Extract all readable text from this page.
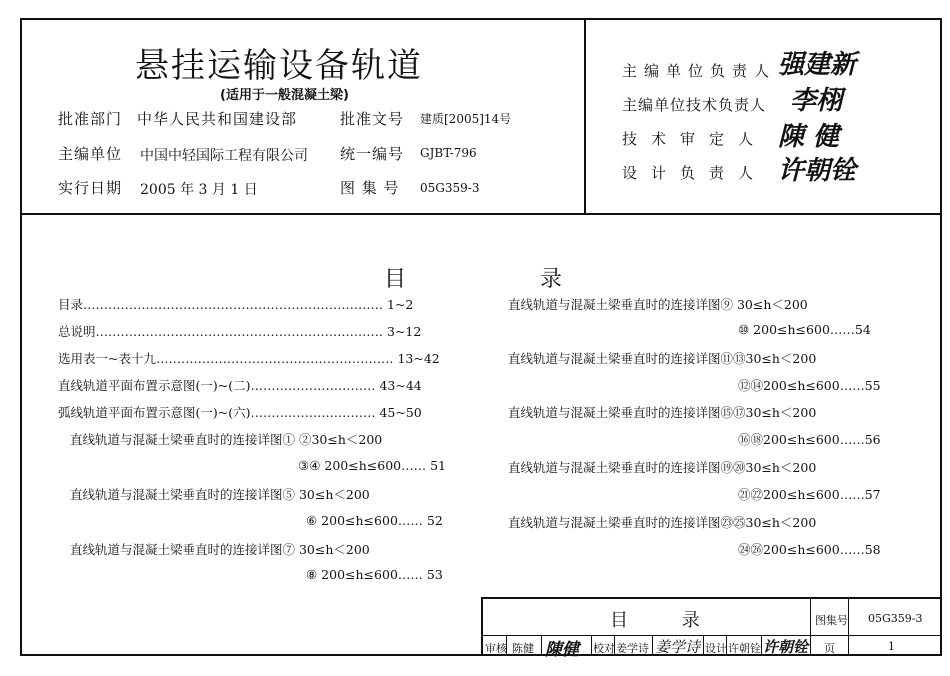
悬挂运输设备轨道
(适用于一般混凝土梁)
批准部门 中华人民共和国建设部	批准文号 建质[2005]14号
主编单位 中国中轻国际工程有限公司 统一编号 GJBT-796
实行日期 2005 年 3 月 1 日	图 集 号 05G359-3
主编单位负责人 强建新
主编单位技术负责人 李栩
技术审定人 陳 健
设计负责人 许朝铨
目	录
目录……………………………………………………………… 1~2
总说明…………………………………………………………… 3~12
选用表一~表十九………………………………………………… 13~42
直线轨道平面布置示意图(一)~(二)………………………… 43~44
弧线轨道平面布置示意图(一)~(六)………………………… 45~50
直线轨道与混凝土梁垂直时的连接详图① ②30≤h＜200
③④ 200≤h≤600…… 51
直线轨道与混凝土梁垂直时的连接详图⑤ 30≤h＜200
⑥ 200≤h≤600…… 52
直线轨道与混凝土梁垂直时的连接详图⑦ 30≤h＜200
⑧ 200≤h≤600…… 53
直线轨道与混凝土梁垂直时的连接详图⑨ 30≤h＜200
⑩ 200≤h≤600……54
直线轨道与混凝土梁垂直时的连接详图⑪⑬30≤h＜200
⑫⑭200≤h≤600……55
直线轨道与混凝土梁垂直时的连接详图⑮⑰30≤h＜200
⑯⑱200≤h≤600……56
直线轨道与混凝土梁垂直时的连接详图⑲⑳30≤h＜200
㉑㉒200≤h≤600……57
直线轨道与混凝土梁垂直时的连接详图㉓㉕30≤h＜200
㉔㉖200≤h≤600……58
目 录	图集号 05G359-3
审核 陈健 陳健 校对 姜学诗 姜学诗 设计 许朝铨 许朝铨 页	1
